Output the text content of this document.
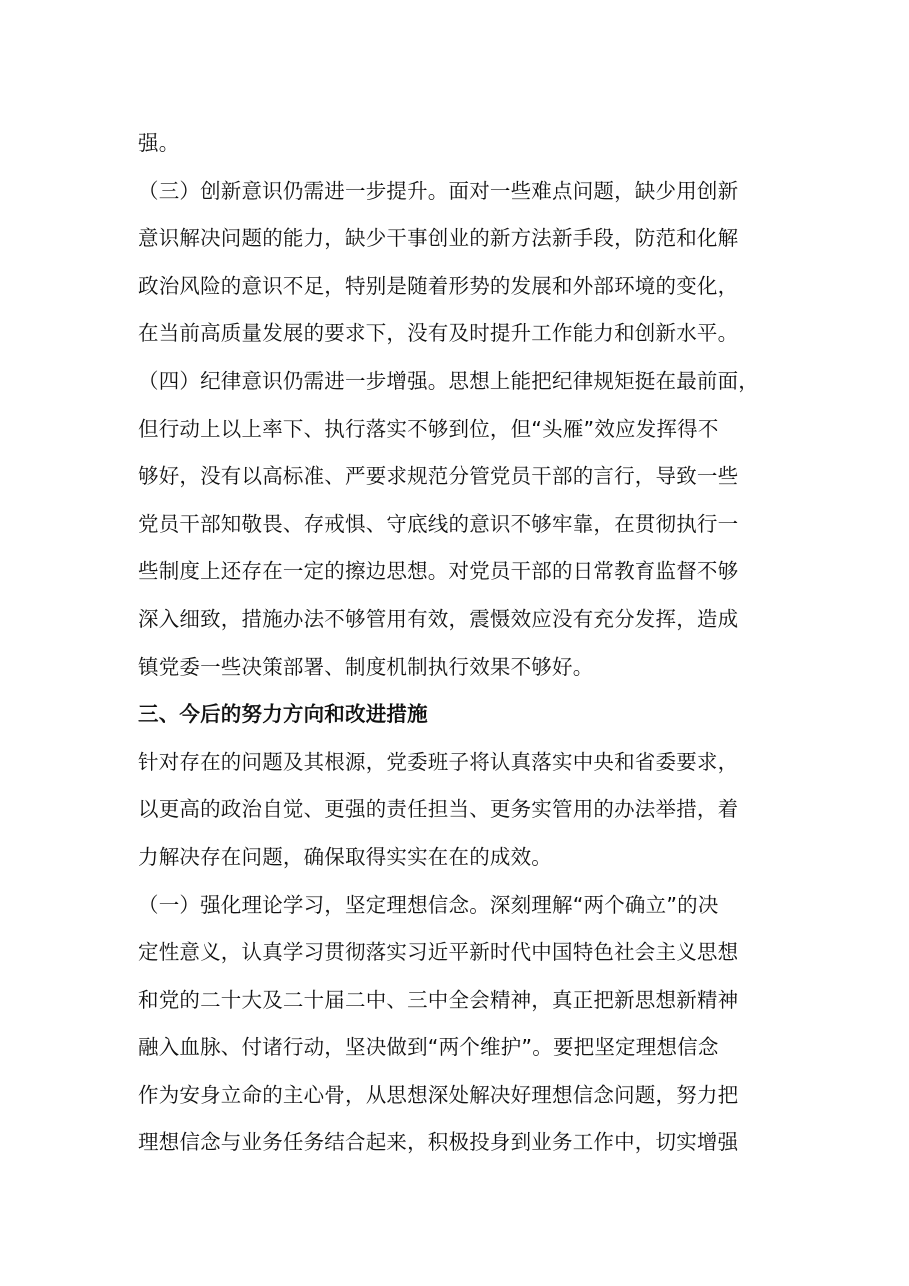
强。
（三）创新意识仍需进一步提升。面对一些难点问题，缺少用创新
意识解决问题的能力，缺少干事创业的新方法新手段，防范和化解
政治风险的意识不足，特别是随着形势的发展和外部环境的变化，
在当前高质量发展的要求下，没有及时提升工作能力和创新水平。
（四）纪律意识仍需进一步增强。思想上能把纪律规矩挺在最前面，
但行动上以上率下、执行落实不够到位，但“头雁”效应发挥得不
够好，没有以高标准、严要求规范分管党员干部的言行，导致一些
党员干部知敬畏、存戒惧、守底线的意识不够牢靠，在贯彻执行一
些制度上还存在一定的擦边思想。对党员干部的日常教育监督不够
深入细致，措施办法不够管用有效，震慑效应没有充分发挥，造成
镇党委一些决策部署、制度机制执行效果不够好。
三、今后的努力方向和改进措施
针对存在的问题及其根源，党委班子将认真落实中央和省委要求，
以更高的政治自觉、更强的责任担当、更务实管用的办法举措，着
力解决存在问题，确保取得实实在在的成效。
（一）强化理论学习，坚定理想信念。深刻理解“两个确立”的决
定性意义，认真学习贯彻落实习近平新时代中国特色社会主义思想
和党的二十大及二十届二中、三中全会精神，真正把新思想新精神
融入血脉、付诸行动，坚决做到“两个维护”。要把坚定理想信念
作为安身立命的主心骨，从思想深处解决好理想信念问题，努力把
理想信念与业务任务结合起来，积极投身到业务工作中，切实增强
